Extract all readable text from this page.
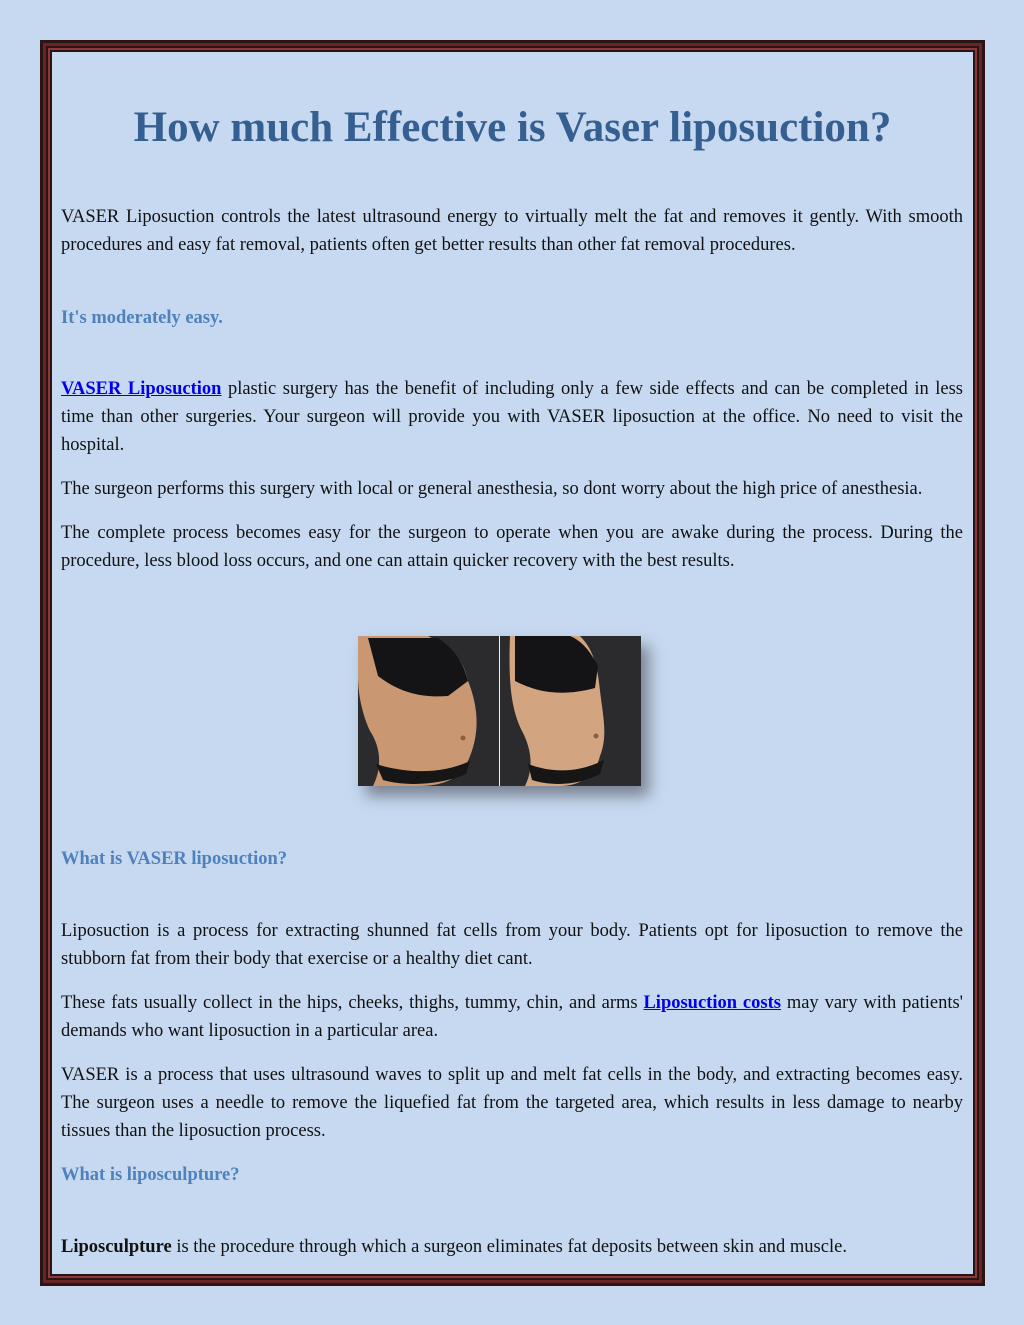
How much Effective is Vaser liposuction?

VASER Liposuction controls the latest ultrasound energy to virtually melt the fat and removes it gently. With smooth procedures and easy fat removal, patients often get better results than other fat removal procedures.

It's moderately easy.

VASER Liposuction plastic surgery has the benefit of including only a few side effects and can be completed in less time than other surgeries. Your surgeon will provide you with VASER liposuction at the office. No need to visit the hospital.

The surgeon performs this surgery with local or general anesthesia, so dont worry about the high price of anesthesia.

The complete process becomes easy for the surgeon to operate when you are awake during the process. During the procedure, less blood loss occurs, and one can attain quicker recovery with the best results.

What is VASER liposuction?

Liposuction is a process for extracting shunned fat cells from your body. Patients opt for liposuction to remove the stubborn fat from their body that exercise or a healthy diet cant.

These fats usually collect in the hips, cheeks, thighs, tummy, chin, and arms Liposuction costs may vary with patients' demands who want liposuction in a particular area.

VASER is a process that uses ultrasound waves to split up and melt fat cells in the body, and extracting becomes easy. The surgeon uses a needle to remove the liquefied fat from the targeted area, which results in less damage to nearby tissues than the liposuction process.

What is liposculpture?

Liposculpture is the procedure through which a surgeon eliminates fat deposits between skin and muscle.
